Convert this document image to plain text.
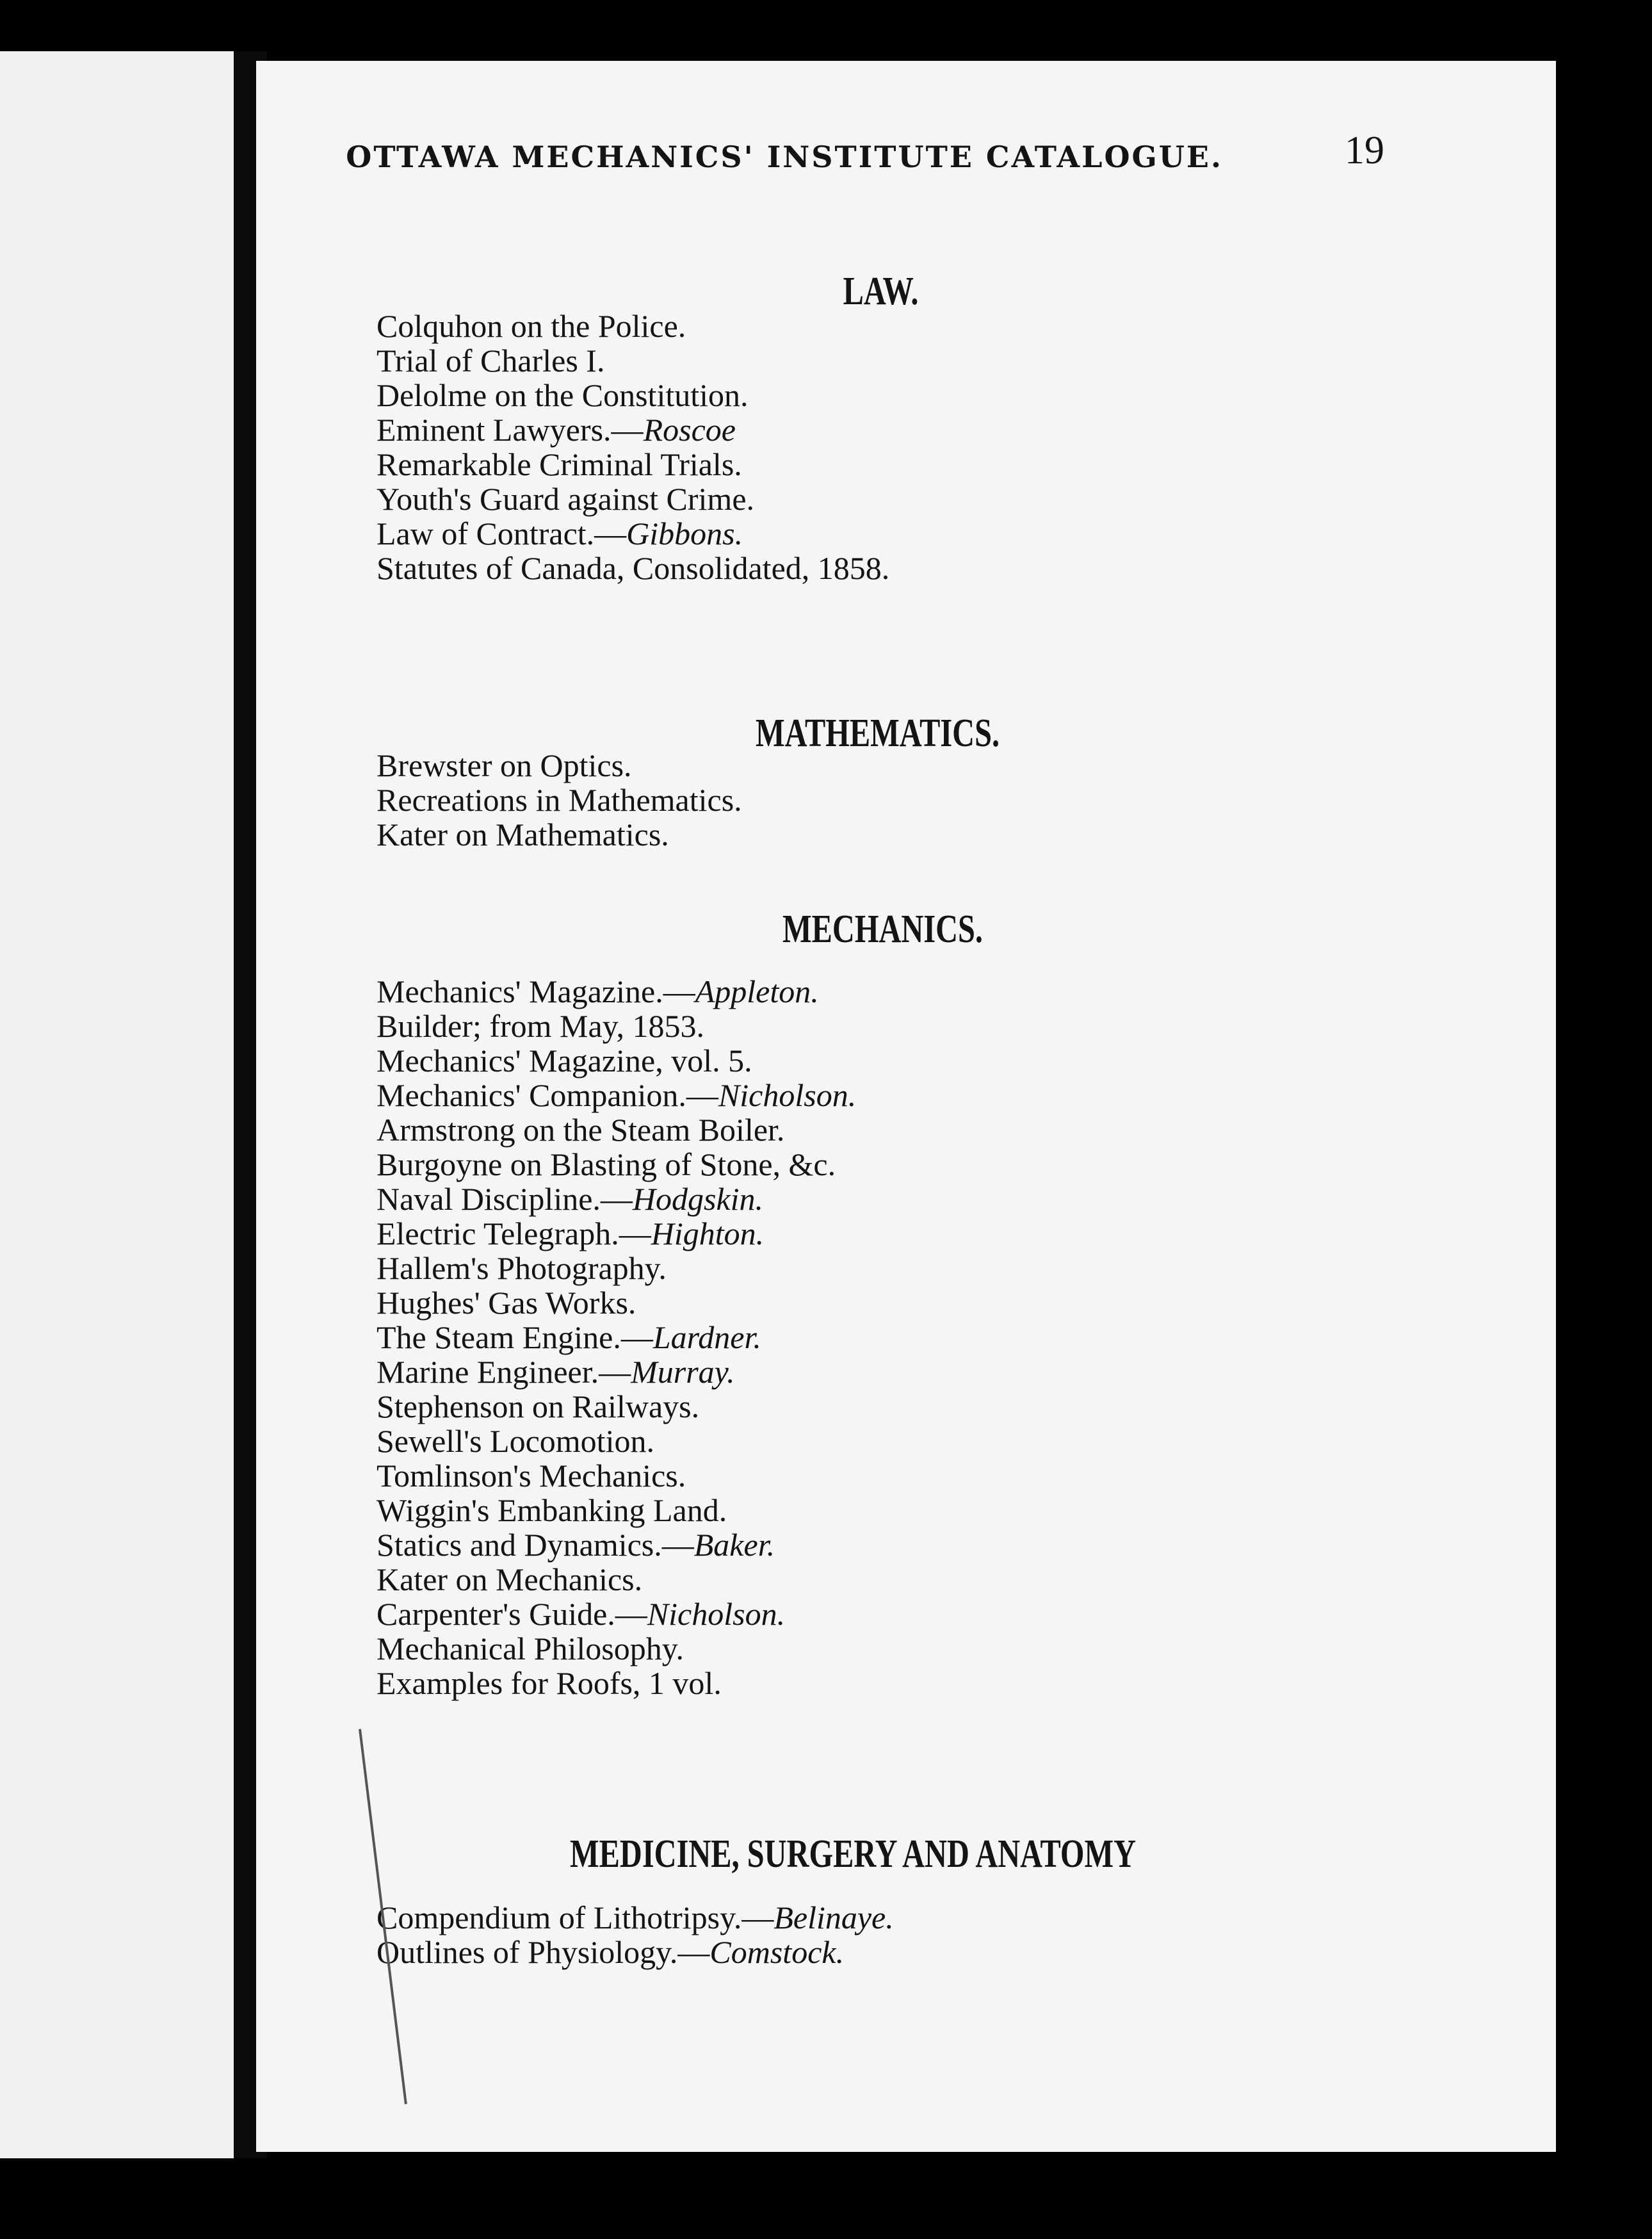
OTTAWA MECHANICS' INSTITUTE CATALOGUE.	19
LAW.
Colquhon on the Police.
Trial of Charles I.
Delolme on the Constitution.
Eminent Lawyers.—Roscoe
Remarkable Criminal Trials.
Youth's Guard against Crime.
Law of Contract.—Gibbons.
Statutes of Canada, Consolidated, 1858.
MATHEMATICS.
Brewster on Optics.
Recreations in Mathematics.
Kater on Mathematics.
MECHANICS.
Mechanics' Magazine.—Appleton.
Builder; from May, 1853.
Mechanics' Magazine, vol. 5.
Mechanics' Companion.—Nicholson.
Armstrong on the Steam Boiler.
Burgoyne on Blasting of Stone, &c.
Naval Discipline.—Hodgskin.
Electric Telegraph.—Highton.
Hallem's Photography.
Hughes' Gas Works.
The Steam Engine.—Lardner.
Marine Engineer.—Murray.
Stephenson on Railways.
Sewell's Locomotion.
Tomlinson's Mechanics.
Wiggin's Embanking Land.
Statics and Dynamics.—Baker.
Kater on Mechanics.
Carpenter's Guide.—Nicholson.
Mechanical Philosophy.
Examples for Roofs, 1 vol.
MEDICINE, SURGERY AND ANATOMY
Compendium of Lithotripsy.—Belinaye.
Outlines of Physiology.—Comstock.
